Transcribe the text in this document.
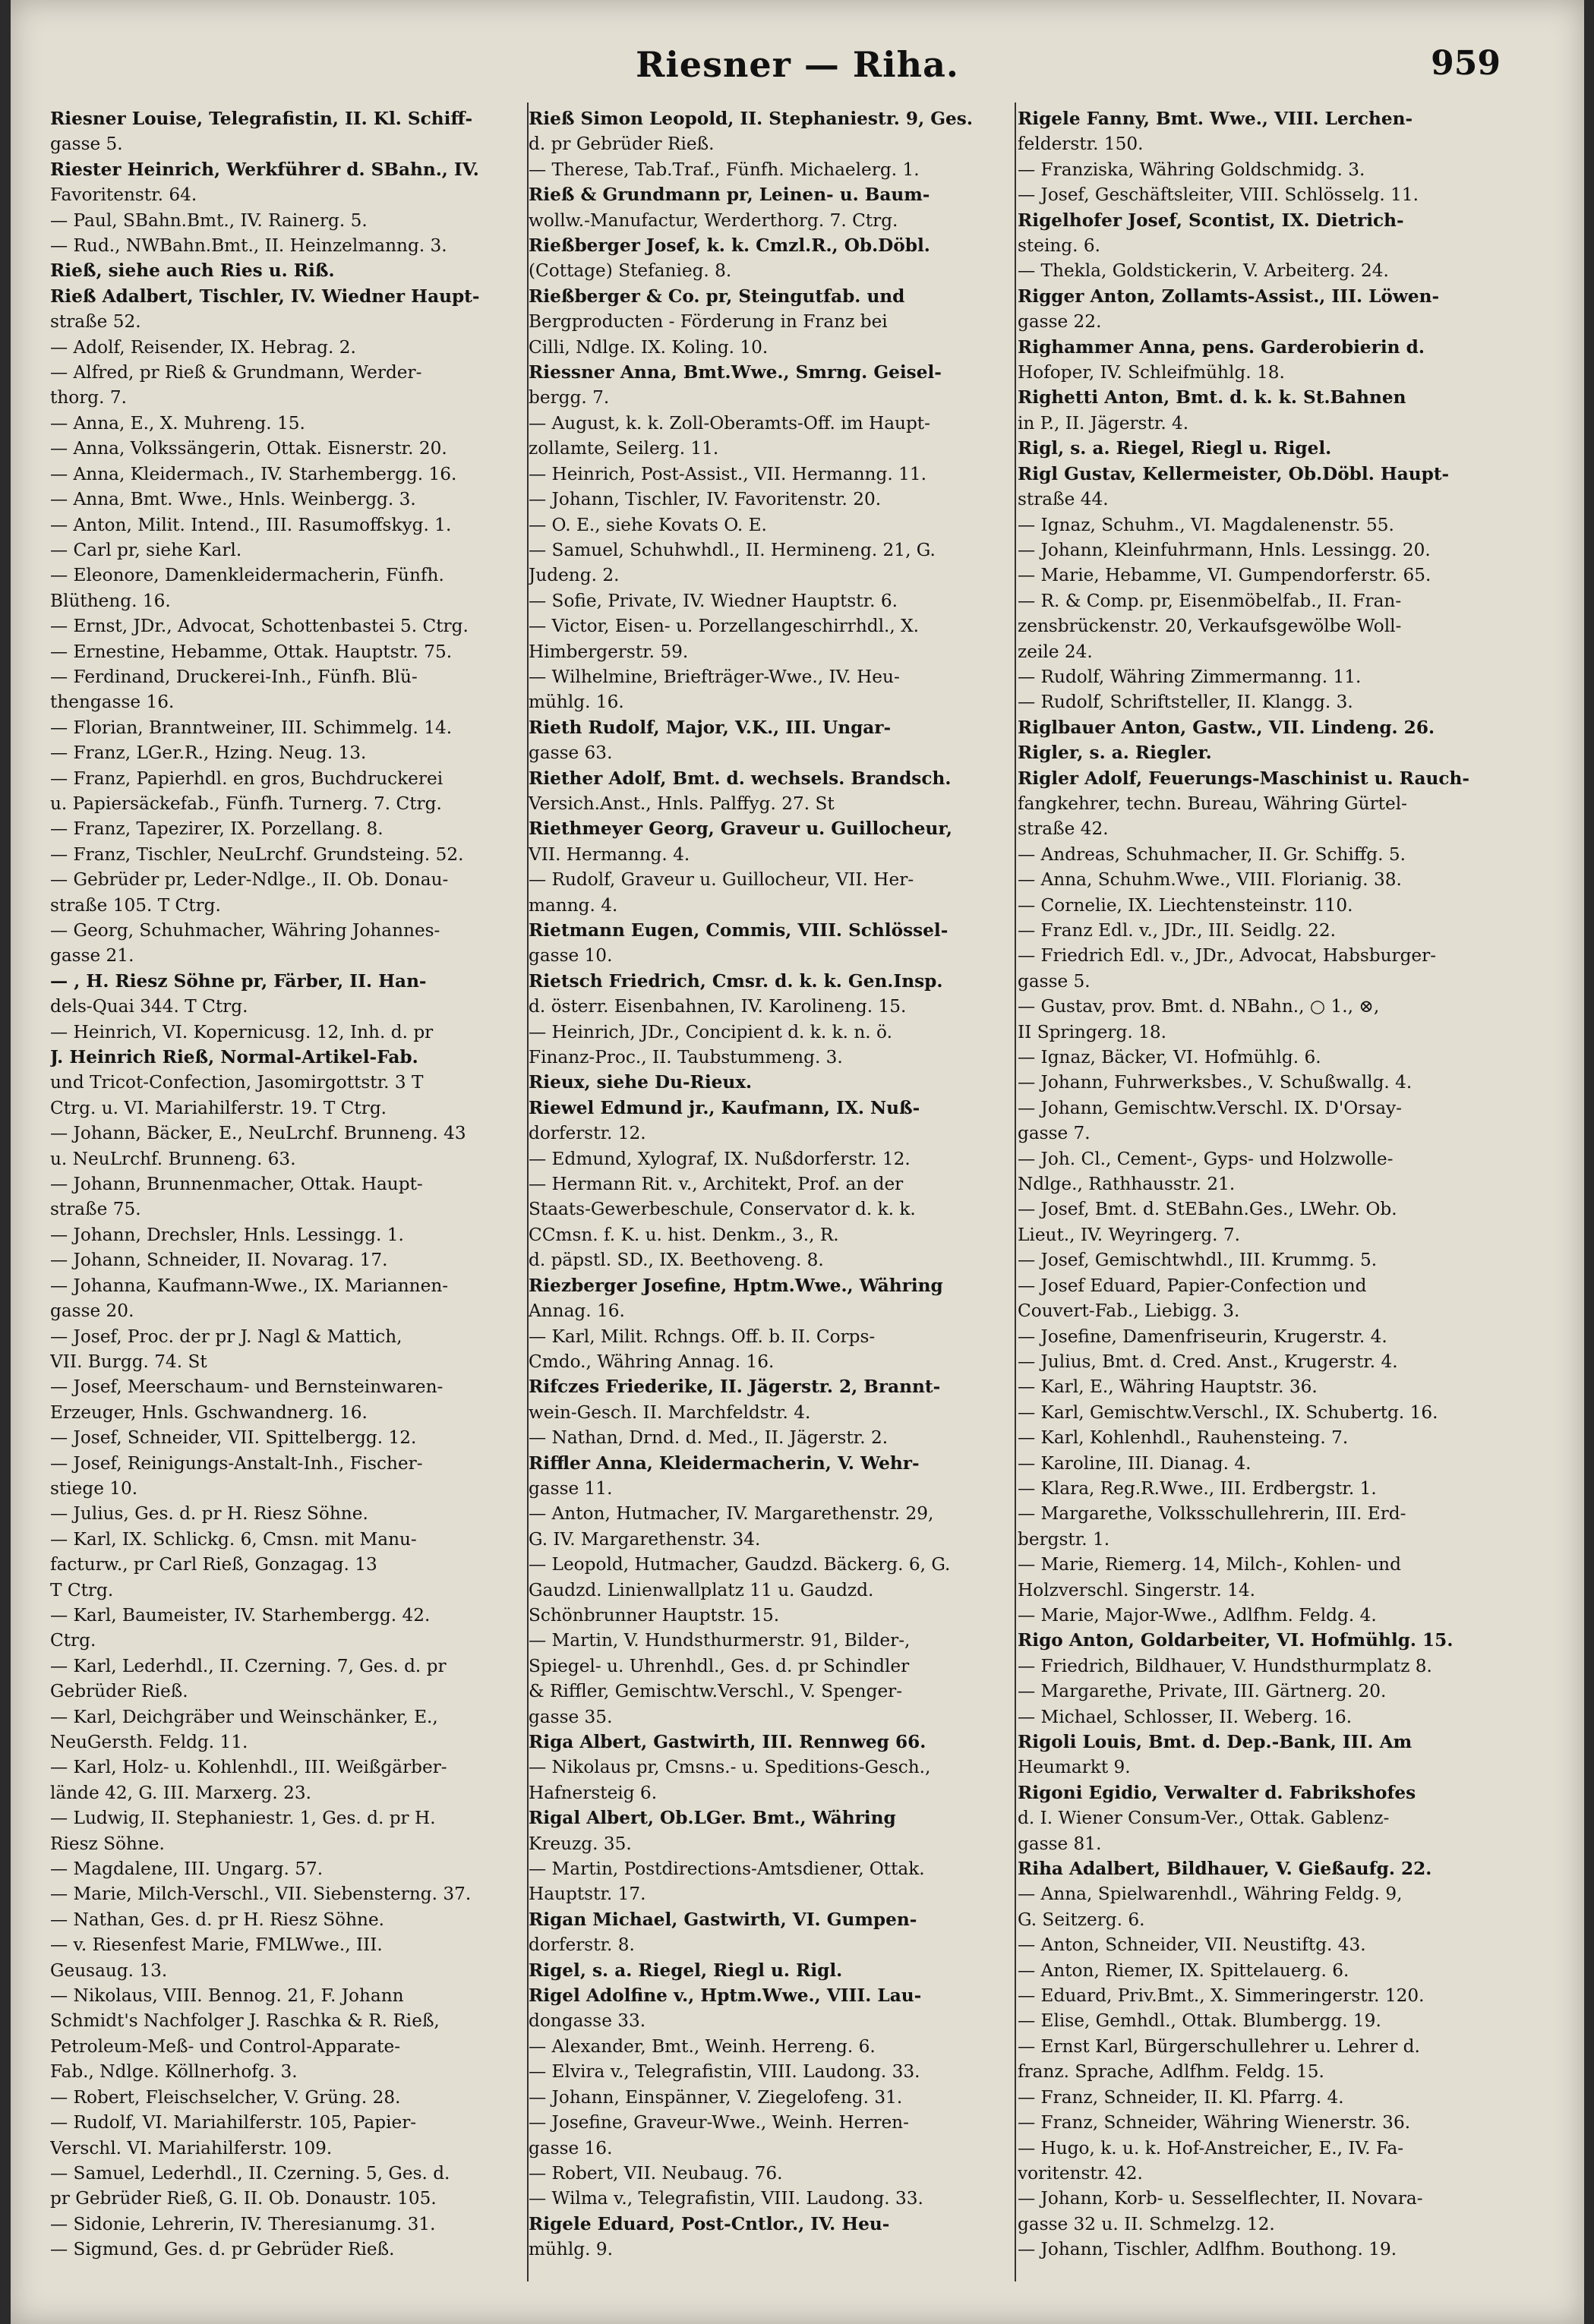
Riesner — Riha.	959
Riesner Louise, Telegrafistin, II. Kl. Schiff-
gasse 5.
Riester Heinrich, Werkführer d. SBahn., IV.
Favoritenstr. 64.
— Paul, SBahn.Bmt., IV. Rainerg. 5.
— Rud., NWBahn.Bmt., II. Heinzelmanng. 3.
Rieß, siehe auch Ries u. Riß.
Rieß Adalbert, Tischler, IV. Wiedner Haupt-
straße 52.
— Adolf, Reisender, IX. Hebrag. 2.
— Alfred, pr Rieß & Grundmann, Werder-
thorg. 7.
— Anna, E., X. Muhreng. 15.
— Anna, Volkssängerin, Ottak. Eisnerstr. 20.
— Anna, Kleidermach., IV. Starhembergg. 16.
— Anna, Bmt. Wwe., Hnls. Weinbergg. 3.
— Anton, Milit. Intend., III. Rasumoffskyg. 1.
— Carl pr, siehe Karl.
— Eleonore, Damenkleidermacherin, Fünfh.
Blütheng. 16.
— Ernst, JDr., Advocat, Schottenbastei 5. Ctrg.
— Ernestine, Hebamme, Ottak. Hauptstr. 75.
— Ferdinand, Druckerei-Inh., Fünfh. Blü-
thengasse 16.
— Florian, Branntweiner, III. Schimmelg. 14.
— Franz, LGer.R., Hzing. Neug. 13.
— Franz, Papierhdl. en gros, Buchdruckerei
u. Papiersäckefab., Fünfh. Turnerg. 7. Ctrg.
— Franz, Tapezirer, IX. Porzellang. 8.
— Franz, Tischler, NeuLrchf. Grundsteing. 52.
— Gebrüder pr, Leder-Ndlge., II. Ob. Donau-
straße 105. T Ctrg.
— Georg, Schuhmacher, Währing Johannes-
gasse 21.
— , H. Riesz Söhne pr, Färber, II. Han-
dels-Quai 344. T Ctrg.
— Heinrich, VI. Kopernicusg. 12, Inh. d. pr
J. Heinrich Rieß, Normal-Artikel-Fab.
und Tricot-Confection, Jasomirgottstr. 3 T
Ctrg. u. VI. Mariahilferstr. 19. T Ctrg.
— Johann, Bäcker, E., NeuLrchf. Brunneng. 43
u. NeuLrchf. Brunneng. 63.
— Johann, Brunnenmacher, Ottak. Haupt-
straße 75.
— Johann, Drechsler, Hnls. Lessingg. 1.
— Johann, Schneider, II. Novarag. 17.
— Johanna, Kaufmann-Wwe., IX. Mariannen-
gasse 20.
— Josef, Proc. der pr J. Nagl & Mattich,
VII. Burgg. 74. St
— Josef, Meerschaum- und Bernsteinwaren-
Erzeuger, Hnls. Gschwandnerg. 16.
— Josef, Schneider, VII. Spittelbergg. 12.
— Josef, Reinigungs-Anstalt-Inh., Fischer-
stiege 10.
— Julius, Ges. d. pr H. Riesz Söhne.
— Karl, IX. Schlickg. 6, Cmsn. mit Manu-
facturw., pr Carl Rieß, Gonzagag. 13
T Ctrg.
— Karl, Baumeister, IV. Starhembergg. 42.
Ctrg.
— Karl, Lederhdl., II. Czerning. 7, Ges. d. pr
Gebrüder Rieß.
— Karl, Deichgräber und Weinschänker, E.,
NeuGersth. Feldg. 11.
— Karl, Holz- u. Kohlenhdl., III. Weißgärber-
lände 42, G. III. Marxerg. 23.
— Ludwig, II. Stephaniestr. 1, Ges. d. pr H.
Riesz Söhne.
— Magdalene, III. Ungarg. 57.
— Marie, Milch-Verschl., VII. Siebensterng. 37.
— Nathan, Ges. d. pr H. Riesz Söhne.
— v. Riesenfest Marie, FMLWwe., III.
Geusaug. 13.
— Nikolaus, VIII. Bennog. 21, F. Johann
Schmidt's Nachfolger J. Raschka & R. Rieß,
Petroleum-Meß- und Control-Apparate-
Fab., Ndlge. Köllnerhofg. 3.
— Robert, Fleischselcher, V. Grüng. 28.
— Rudolf, VI. Mariahilferstr. 105, Papier-
Verschl. VI. Mariahilferstr. 109.
— Samuel, Lederhdl., II. Czerning. 5, Ges. d.
pr Gebrüder Rieß, G. II. Ob. Donaustr. 105.
— Sidonie, Lehrerin, IV. Theresianumg. 31.
— Sigmund, Ges. d. pr Gebrüder Rieß.
Rieß Simon Leopold, II. Stephaniestr. 9, Ges.
d. pr Gebrüder Rieß.
— Therese, Tab.Traf., Fünfh. Michaelerg. 1.
Rieß & Grundmann pr, Leinen- u. Baum-
wollw.-Manufactur, Werderthorg. 7. Ctrg.
Rießberger Josef, k. k. Cmzl.R., Ob.Döbl.
(Cottage) Stefanieg. 8.
Rießberger & Co. pr, Steingutfab. und
Bergproducten - Förderung in Franz bei
Cilli, Ndlge. IX. Koling. 10.
Riessner Anna, Bmt.Wwe., Smrng. Geisel-
bergg. 7.
— August, k. k. Zoll-Oberamts-Off. im Haupt-
zollamte, Seilerg. 11.
— Heinrich, Post-Assist., VII. Hermanng. 11.
— Johann, Tischler, IV. Favoritenstr. 20.
— O. E., siehe Kovats O. E.
— Samuel, Schuhwhdl., II. Hermineng. 21, G.
Judeng. 2.
— Sofie, Private, IV. Wiedner Hauptstr. 6.
— Victor, Eisen- u. Porzellangeschirrhdl., X.
Himbergerstr. 59.
— Wilhelmine, Briefträger-Wwe., IV. Heu-
mühlg. 16.
Rieth Rudolf, Major, V.K., III. Ungar-
gasse 63.
Riether Adolf, Bmt. d. wechsels. Brandsch.
Versich.Anst., Hnls. Palffyg. 27. St
Riethmeyer Georg, Graveur u. Guillocheur,
VII. Hermanng. 4.
— Rudolf, Graveur u. Guillocheur, VII. Her-
manng. 4.
Rietmann Eugen, Commis, VIII. Schlössel-
gasse 10.
Rietsch Friedrich, Cmsr. d. k. k. Gen.Insp.
d. österr. Eisenbahnen, IV. Karolineng. 15.
— Heinrich, JDr., Concipient d. k. k. n. ö.
Finanz-Proc., II. Taubstummeng. 3.
Rieux, siehe Du-Rieux.
Riewel Edmund jr., Kaufmann, IX. Nuß-
dorferstr. 12.
— Edmund, Xylograf, IX. Nußdorferstr. 12.
— Hermann Rit. v., Architekt, Prof. an der
Staats-Gewerbeschule, Conservator d. k. k.
CCmsn. f. K. u. hist. Denkm., 3., R.
d. päpstl. SD., IX. Beethoveng. 8.
Riezberger Josefine, Hptm.Wwe., Währing
Annag. 16.
— Karl, Milit. Rchngs. Off. b. II. Corps-
Cmdo., Währing Annag. 16.
Rifczes Friederike, II. Jägerstr. 2, Brannt-
wein-Gesch. II. Marchfeldstr. 4.
— Nathan, Drnd. d. Med., II. Jägerstr. 2.
Riffler Anna, Kleidermacherin, V. Wehr-
gasse 11.
— Anton, Hutmacher, IV. Margarethenstr. 29,
G. IV. Margarethenstr. 34.
— Leopold, Hutmacher, Gaudzd. Bäckerg. 6, G.
Gaudzd. Linienwallplatz 11 u. Gaudzd.
Schönbrunner Hauptstr. 15.
— Martin, V. Hundsthurmerstr. 91, Bilder-,
Spiegel- u. Uhrenhdl., Ges. d. pr Schindler
& Riffler, Gemischtw.Verschl., V. Spenger-
gasse 35.
Riga Albert, Gastwirth, III. Rennweg 66.
— Nikolaus pr, Cmsns.- u. Speditions-Gesch.,
Hafnersteig 6.
Rigal Albert, Ob.LGer. Bmt., Währing
Kreuzg. 35.
— Martin, Postdirections-Amtsdiener, Ottak.
Hauptstr. 17.
Rigan Michael, Gastwirth, VI. Gumpen-
dorferstr. 8.
Rigel, s. a. Riegel, Riegl u. Rigl.
Rigel Adolfine v., Hptm.Wwe., VIII. Lau-
dongasse 33.
— Alexander, Bmt., Weinh. Herreng. 6.
— Elvira v., Telegrafistin, VIII. Laudong. 33.
— Johann, Einspänner, V. Ziegelofeng. 31.
— Josefine, Graveur-Wwe., Weinh. Herren-
gasse 16.
— Robert, VII. Neubaug. 76.
— Wilma v., Telegrafistin, VIII. Laudong. 33.
Rigele Eduard, Post-Cntlor., IV. Heu-
mühlg. 9.
Rigele Fanny, Bmt. Wwe., VIII. Lerchen-
felderstr. 150.
— Franziska, Währing Goldschmidg. 3.
— Josef, Geschäftsleiter, VIII. Schlösselg. 11.
Rigelhofer Josef, Scontist, IX. Dietrich-
steing. 6.
— Thekla, Goldstickerin, V. Arbeiterg. 24.
Rigger Anton, Zollamts-Assist., III. Löwen-
gasse 22.
Righammer Anna, pens. Garderobierin d.
Hofoper, IV. Schleifmühlg. 18.
Righetti Anton, Bmt. d. k. k. St.Bahnen
in P., II. Jägerstr. 4.
Rigl, s. a. Riegel, Riegl u. Rigel.
Rigl Gustav, Kellermeister, Ob.Döbl. Haupt-
straße 44.
— Ignaz, Schuhm., VI. Magdalenenstr. 55.
— Johann, Kleinfuhrmann, Hnls. Lessingg. 20.
— Marie, Hebamme, VI. Gumpendorferstr. 65.
— R. & Comp. pr, Eisenmöbelfab., II. Fran-
zensbrückenstr. 20, Verkaufsgewölbe Woll-
zeile 24.
— Rudolf, Währing Zimmermanng. 11.
— Rudolf, Schriftsteller, II. Klangg. 3.
Riglbauer Anton, Gastw., VII. Lindeng. 26.
Rigler, s. a. Riegler.
Rigler Adolf, Feuerungs-Maschinist u. Rauch-
fangkehrer, techn. Bureau, Währing Gürtel-
straße 42.
— Andreas, Schuhmacher, II. Gr. Schiffg. 5.
— Anna, Schuhm.Wwe., VIII. Florianig. 38.
— Cornelie, IX. Liechtensteinstr. 110.
— Franz Edl. v., JDr., III. Seidlg. 22.
— Friedrich Edl. v., JDr., Advocat, Habsburger-
gasse 5.
— Gustav, prov. Bmt. d. NBahn., ○ 1., ⊗,
II Springerg. 18.
— Ignaz, Bäcker, VI. Hofmühlg. 6.
— Johann, Fuhrwerksbes., V. Schußwallg. 4.
— Johann, Gemischtw.Verschl. IX. D'Orsay-
gasse 7.
— Joh. Cl., Cement-, Gyps- und Holzwolle-
Ndlge., Rathhausstr. 21.
— Josef, Bmt. d. StEBahn.Ges., LWehr. Ob.
Lieut., IV. Weyringerg. 7.
— Josef, Gemischtwhdl., III. Krummg. 5.
— Josef Eduard, Papier-Confection und
Couvert-Fab., Liebigg. 3.
— Josefine, Damenfriseurin, Krugerstr. 4.
— Julius, Bmt. d. Cred. Anst., Krugerstr. 4.
— Karl, E., Währing Hauptstr. 36.
— Karl, Gemischtw.Verschl., IX. Schubertg. 16.
— Karl, Kohlenhdl., Rauhensteing. 7.
— Karoline, III. Dianag. 4.
— Klara, Reg.R.Wwe., III. Erdbergstr. 1.
— Margarethe, Volksschullehrerin, III. Erd-
bergstr. 1.
— Marie, Riemerg. 14, Milch-, Kohlen- und
Holzverschl. Singerstr. 14.
— Marie, Major-Wwe., Adlfhm. Feldg. 4.
Rigo Anton, Goldarbeiter, VI. Hofmühlg. 15.
— Friedrich, Bildhauer, V. Hundsthurmplatz 8.
— Margarethe, Private, III. Gärtnerg. 20.
— Michael, Schlosser, II. Weberg. 16.
Rigoli Louis, Bmt. d. Dep.-Bank, III. Am
Heumarkt 9.
Rigoni Egidio, Verwalter d. Fabrikshofes
d. I. Wiener Consum-Ver., Ottak. Gablenz-
gasse 81.
Riha Adalbert, Bildhauer, V. Gießaufg. 22.
— Anna, Spielwarenhdl., Währing Feldg. 9,
G. Seitzerg. 6.
— Anton, Schneider, VII. Neustiftg. 43.
— Anton, Riemer, IX. Spittelauerg. 6.
— Eduard, Priv.Bmt., X. Simmeringerstr. 120.
— Elise, Gemhdl., Ottak. Blumbergg. 19.
— Ernst Karl, Bürgerschullehrer u. Lehrer d.
franz. Sprache, Adlfhm. Feldg. 15.
— Franz, Schneider, II. Kl. Pfarrg. 4.
— Franz, Schneider, Währing Wienerstr. 36.
— Hugo, k. u. k. Hof-Anstreicher, E., IV. Fa-
voritenstr. 42.
— Johann, Korb- u. Sesselflechter, II. Novara-
gasse 32 u. II. Schmelzg. 12.
— Johann, Tischler, Adlfhm. Bouthong. 19.
